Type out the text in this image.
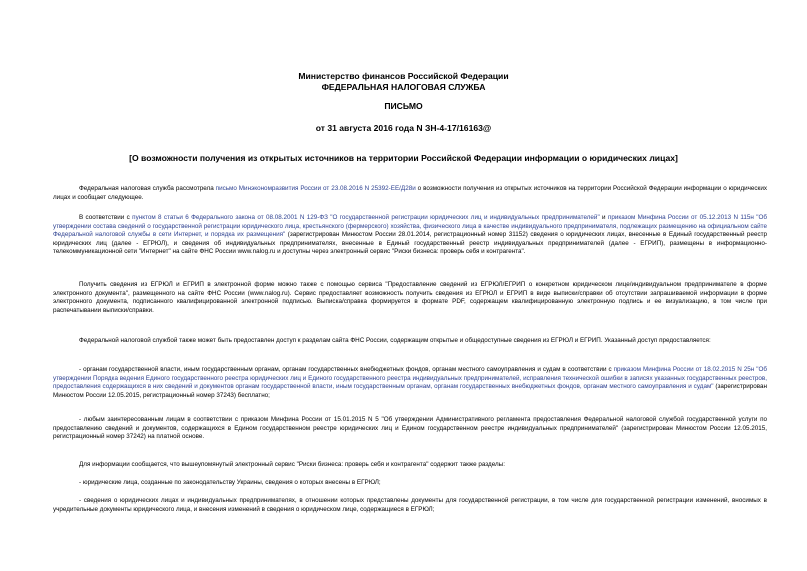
Министерство финансов Российской Федерации
ФЕДЕРАЛЬНАЯ НАЛОГОВАЯ СЛУЖБА
ПИСЬМО
от 31 августа 2016 года N ЗН-4-17/16163@
[О возможности получения из открытых источников на территории Российской Федерации информации о юридических лицах]

Федеральная налоговая служба рассмотрела письмо Минэкономразвития России от 23.08.2016 N 25392-ЕЕ/Д28и о возможности получения из открытых источников на территории Российской Федерации информации о юридических лицах и сообщает следующее.

В соответствии с пунктом 8 статьи 6 Федерального закона от 08.08.2001 N 129-ФЗ "О государственной регистрации юридических лиц и индивидуальных предпринимателей" и приказом Минфина России от 05.12.2013 N 115н "Об утверждении состава сведений о государственной регистрации юридического лица, крестьянского (фермерского) хозяйства, физического лица в качестве индивидуального предпринимателя, подлежащих размещению на официальном сайте Федеральной налоговой службы в сети Интернет, и порядка их размещения" (зарегистрирован Минюстом России 28.01.2014, регистрационный номер 31152) сведения о юридических лицах, внесенные в Единый государственный реестр юридических лиц (далее - ЕГРЮЛ), и сведения об индивидуальных предпринимателях, внесенные в Единый государственный реестр индивидуальных предпринимателей (далее - ЕГРИП), размещены в информационно-телекоммуникационной сети "Интернет" на сайте ФНС России www.nalog.ru и доступны через электронный сервис "Риски бизнеса: проверь себя и контрагента".

Получить сведения из ЕГРЮЛ и ЕГРИП в электронной форме можно также с помощью сервиса "Предоставление сведений из ЕГРЮЛ/ЕГРИП о конкретном юридическом лице/индивидуальном предпринимателе в форме электронного документа", размещенного на сайте ФНС России (www.nalog.ru). Сервис предоставляет возможность получить сведения из ЕГРЮЛ и ЕГРИП в виде выписки/справки об отсутствии запрашиваемой информации в форме электронного документа, подписанного квалифицированной электронной подписью. Выписка/справка формируется в формате PDF, содержащем квалифицированную электронную подпись и ее визуализацию, в том числе при распечатывании выписки/справки.

Федеральной налоговой службой также может быть предоставлен доступ к разделам сайта ФНС России, содержащим открытые и общедоступные сведения из ЕГРЮЛ и ЕГРИП. Указанный доступ предоставляется:

- органам государственной власти, иным государственным органам, органам государственных внебюджетных фондов, органам местного самоуправления и судам в соответствии с приказом Минфина России от 18.02.2015 N 25н "Об утверждении Порядка ведения Единого государственного реестра юридических лиц и Единого государственного реестра индивидуальных предпринимателей, исправления технической ошибки в записях указанных государственных реестров, предоставления содержащихся в них сведений и документов органам государственной власти, иным государственным органам, органам государственных внебюджетных фондов, органам местного самоуправления и судам" (зарегистрирован Минюстом России 12.05.2015, регистрационный номер 37243) бесплатно;

- любым заинтересованным лицам в соответствии с приказом Минфина России от 15.01.2015 N 5 "Об утверждении Административного регламента предоставления Федеральной налоговой службой государственной услуги по предоставлению сведений и документов, содержащихся в Едином государственном реестре юридических лиц и Едином государственном реестре индивидуальных предпринимателей" (зарегистрирован Минюстом России 12.05.2015, регистрационный номер 37242) на платной основе.

Для информации сообщается, что вышеупомянутый электронный сервис "Риски бизнеса: проверь себя и контрагента" содержит также разделы:

- юридические лица, созданные по законодательству Украины, сведения о которых внесены в ЕГРЮЛ;

- сведения о юридических лицах и индивидуальных предпринимателях, в отношении которых представлены документы для государственной регистрации, в том числе для государственной регистрации изменений, вносимых в учредительные документы юридического лица, и внесения изменений в сведения о юридическом лице, содержащиеся в ЕГРЮЛ;
